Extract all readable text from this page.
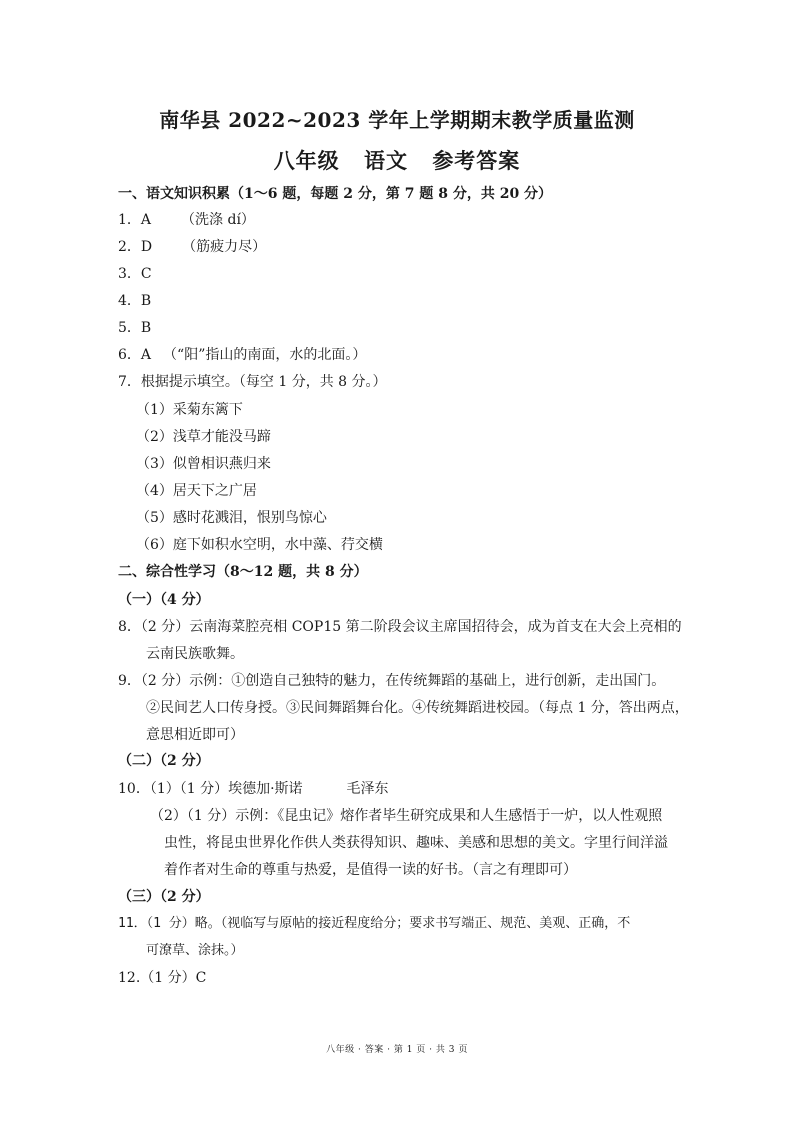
南华县 2022~2023 学年上学期期末教学质量监测
八年级 语文 参考答案
一、语文知识积累（1～6 题，每题 2 分，第 7 题 8 分，共 20 分）
1．A （洗涤 dí）
2．D （筋疲力尽）
3．C
4．B
5．B
6．A （“阳”指山的南面，水的北面。）
7．根据提示填空。（每空 1 分，共 8 分。）
（1）采菊东篱下
（2）浅草才能没马蹄
（3）似曾相识燕归来
（4）居天下之广居
（5）感时花溅泪，恨别鸟惊心
（6）庭下如积水空明，水中藻、荇交横
二、综合性学习（8～12 题，共 8 分）
（一）（4 分）
8．（2 分）云南海菜腔亮相 COP15 第二阶段会议主席国招待会，成为首支在大会上亮相的
云南民族歌舞。
9．（2 分）示例：①创造自己独特的魅力，在传统舞蹈的基础上，进行创新，走出国门。
②民间艺人口传身授。③民间舞蹈舞台化。④传统舞蹈进校园。（每点 1 分，答出两点，
意思相近即可）
（二）（2 分）
10．（1）（1 分）埃德加·斯诺	毛泽东
（2）（1 分）示例：《昆虫记》熔作者毕生研究成果和人生感悟于一炉，以人性观照
虫性，将昆虫世界化作供人类获得知识、趣味、美感和思想的美文。字里行间洋溢
着作者对生命的尊重与热爱，是值得一读的好书。（言之有理即可）
（三）（2 分）
11．（1 分）略。（视临写与原帖的接近程度给分；要求书写端正、规范、美观、正确，不
可潦草、涂抹。）
12.（1 分）C
八年级 · 答案 · 第 1 页 · 共 3 页
